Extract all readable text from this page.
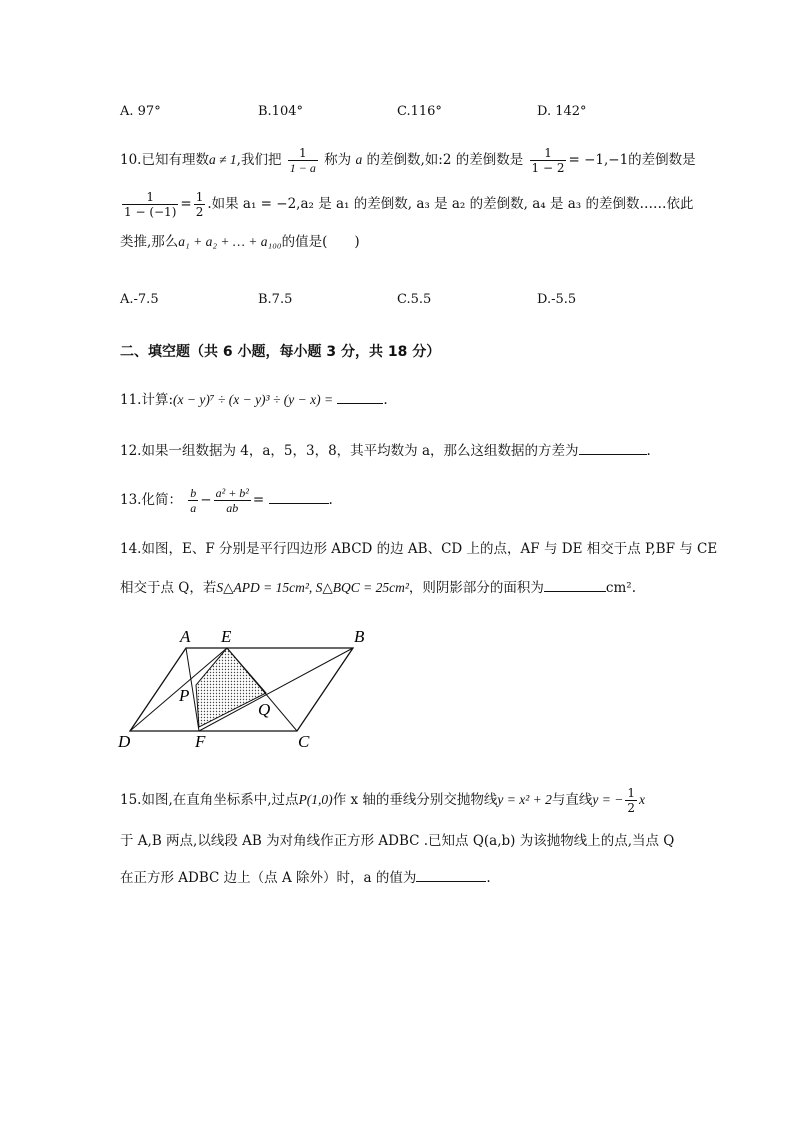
A. 97°	B.104°	C.116°	D. 142°
10.已知有理数a ≠ 1,我们把 $\frac{1}{1 - a}$ 称为 a 的差倒数,如:2 的差倒数是 $\frac{1}{1 - 2} = -1,-1$的差倒数是
$\frac{1}{1 - (-1)} = \frac{1}{2}$ .如果 a₁ = −2,a₂ 是 a₁ 的差倒数, a₃ 是 a₂ 的差倒数, a₄ 是 a₃ 的差倒数……依此
类推,那么a₁ + a₂ + … + a₁₀₀的值是(　　)
A.-7.5	B.7.5	C.5.5	D.-5.5
二、填空题（共 6 小题，每小题 3 分，共 18 分）
11.计算:(x − y)⁷ ÷ (x − y)³ ÷ (y − x) =	.
12.如果一组数据为 4，a，5，3，8，其平均数为 a，那么这组数据的方差为	.
13.化简： $\frac{b}{a} - \frac{\text{a² + b²}}{ab}$ =	.
14.如图，E、F 分别是平行四边形 ABCD 的边 AB、CD 上的点，AF 与 DE 相交于点 P,BF 与 CE
相交于点 Q，若S△APD = 15cm², S△BQC = 25cm²，则阴影部分的面积为	cm².
A E	B
P
Q
D	F	C
15.如图,在直角坐标系中,过点P(1,0)作 x 轴的垂线分别交抛物线y = x² + 2与直线y = − $\frac{1}{2}$ x
于 A,B 两点,以线段 AB 为对角线作正方形 ADBC .已知点 Q(a,b) 为该抛物线上的点,当点 Q
在正方形 ADBC 边上（点 A 除外）时，a 的值为	.
